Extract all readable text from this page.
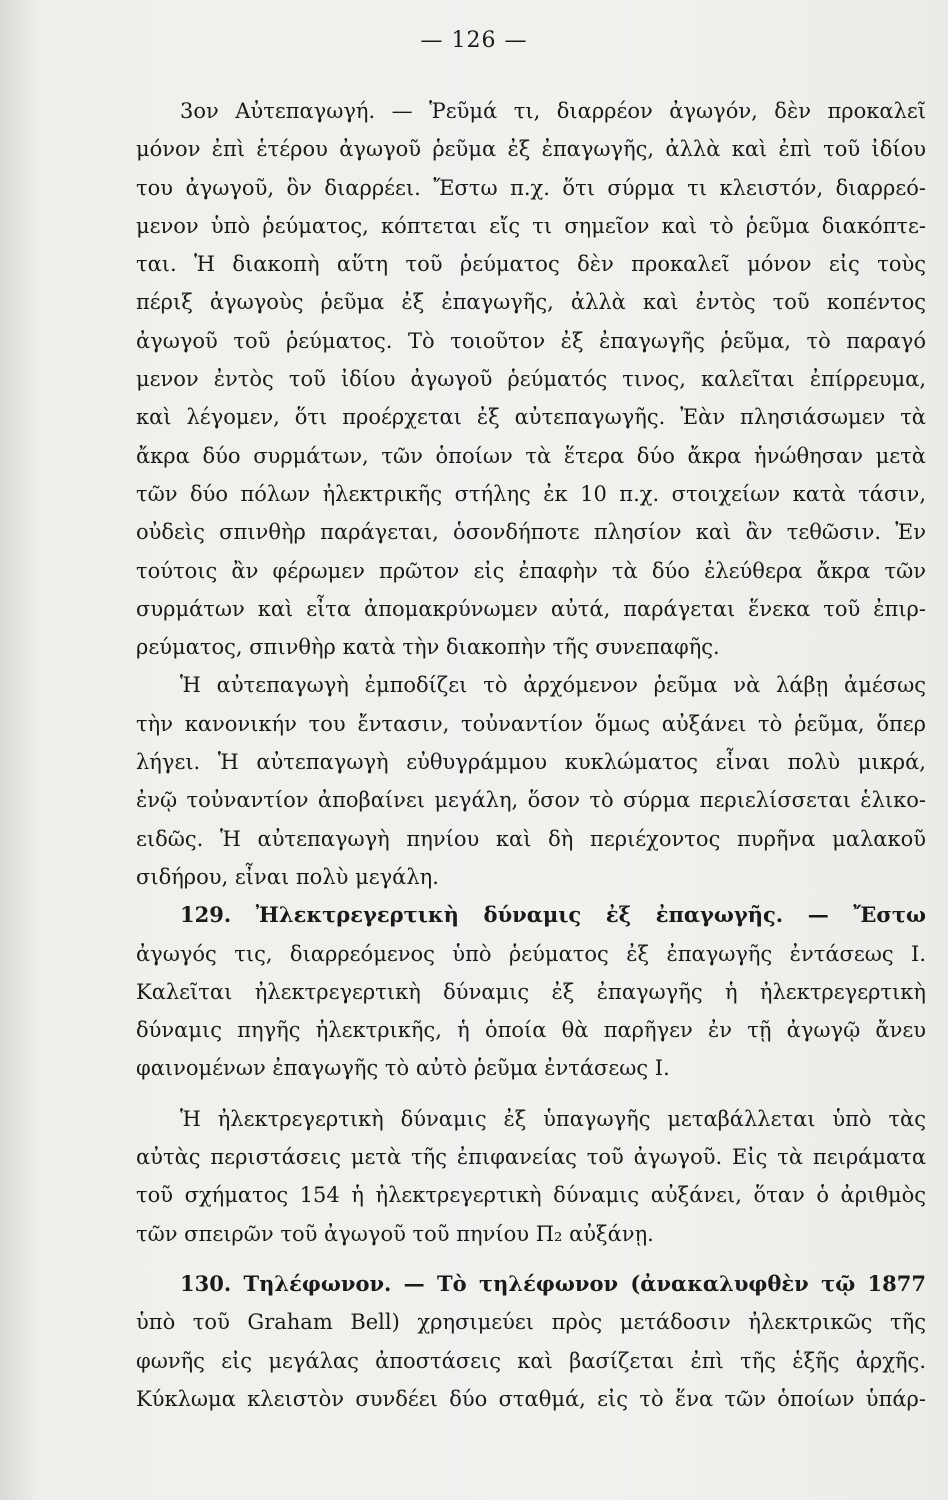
— 126 —
3ον Αὐτεπαγωγή. — Ῥεῦμά τι, διαρρέον ἀγωγόν, δὲν προκαλεῖ
μόνον ἐπὶ ἑτέρου ἀγωγοῦ ῥεῦμα ἐξ ἐπαγωγῆς, ἀλλὰ καὶ ἐπὶ τοῦ ἰδίου
του ἀγωγοῦ, ὃν διαρρέει. Ἔστω π.χ. ὅτι σύρμα τι κλειστόν, διαρρεό-
μενον ὑπὸ ῥεύματος, κόπτεται εἴς τι σημεῖον καὶ τὸ ῥεῦμα διακόπτε-
ται. Ἡ διακοπὴ αὕτη τοῦ ῥεύματος δὲν προκαλεῖ μόνον εἰς τοὺς
πέριξ ἀγωγοὺς ῥεῦμα ἐξ ἐπαγωγῆς, ἀλλὰ καὶ ἐντὸς τοῦ κοπέντος
ἀγωγοῦ τοῦ ῥεύματος. Τὸ τοιοῦτον ἐξ ἐπαγωγῆς ῥεῦμα, τὸ παραγό
μενον ἐντὸς τοῦ ἰδίου ἀγωγοῦ ῥεύματός τινος, καλεῖται ἐπίρρευμα,
καὶ λέγομεν, ὅτι προέρχεται ἐξ αὐτεπαγωγῆς. Ἐὰν πλησιάσωμεν τὰ
ἄκρα δύο συρμάτων, τῶν ὁποίων τὰ ἕτερα δύο ἄκρα ἡνώθησαν μετὰ
τῶν δύο πόλων ἠλεκτρικῆς στήλης ἐκ 10 π.χ. στοιχείων κατὰ τάσιν,
οὐδεὶς σπινθὴρ παράγεται, ὁσονδήποτε πλησίον καὶ ἂν τεθῶσιν. Ἐν
τούτοις ἂν φέρωμεν πρῶτον εἰς ἐπαφὴν τὰ δύο ἐλεύθερα ἄκρα τῶν
συρμάτων καὶ εἶτα ἀπομακρύνωμεν αὐτά, παράγεται ἕνεκα τοῦ ἐπιρ-
ρεύματος, σπινθὴρ κατὰ τὴν διακοπὴν τῆς συνεπαφῆς.
Ἡ αὐτεπαγωγὴ ἐμποδίζει τὸ ἀρχόμενον ῥεῦμα νὰ λάβῃ ἀμέσως
τὴν κανονικήν του ἔντασιν, τοὐναντίον ὅμως αὐξάνει τὸ ῥεῦμα, ὅπερ
λήγει. Ἡ αὐτεπαγωγὴ εὐθυγράμμου κυκλώματος εἶναι πολὺ μικρά,
ἐνῷ τοὐναντίον ἀποβαίνει μεγάλη, ὅσον τὸ σύρμα περιελίσσεται ἑλικο-
ειδῶς. Ἡ αὐτεπαγωγὴ πηνίου καὶ δὴ περιέχοντος πυρῆνα μαλακοῦ
σιδήρου, εἶναι πολὺ μεγάλη.
129. Ἠλεκτρεγερτικὴ δύναμις ἐξ ἐπαγωγῆς. — Ἔστω
ἀγωγός τις, διαρρεόμενος ὑπὸ ῥεύματος ἐξ ἐπαγωγῆς ἐντάσεως Ι.
Καλεῖται ἠλεκτρεγερτικὴ δύναμις ἐξ ἐπαγωγῆς ἡ ἠλεκτρεγερτικὴ
δύναμις πηγῆς ἠλεκτρικῆς, ἡ ὁποία θὰ παρῆγεν ἐν τῇ ἀγωγῷ ἄνευ
φαινομένων ἐπαγωγῆς τὸ αὐτὸ ῥεῦμα ἐντάσεως Ι.
Ἡ ἠλεκτρεγερτικὴ δύναμις ἐξ ὑπαγωγῆς μεταβάλλεται ὑπὸ τὰς
αὐτὰς περιστάσεις μετὰ τῆς ἐπιφανείας τοῦ ἀγωγοῦ. Εἰς τὰ πειράματα
τοῦ σχήματος 154 ἡ ἠλεκτρεγερτικὴ δύναμις αὐξάνει, ὅταν ὁ ἀριθμὸς
τῶν σπειρῶν τοῦ ἀγωγοῦ τοῦ πηνίου Π₂ αὐξάνῃ.
130. Τηλέφωνον. — Τὸ τηλέφωνον (ἀνακαλυφθὲν τῷ 1877
ὑπὸ τοῦ Graham Bell) χρησιμεύει πρὸς μετάδοσιν ἠλεκτρικῶς τῆς
φωνῆς εἰς μεγάλας ἀποστάσεις καὶ βασίζεται ἐπὶ τῆς ἑξῆς ἀρχῆς.
Κύκλωμα κλειστὸν συνδέει δύο σταθμά, εἰς τὸ ἕνα τῶν ὁποίων ὑπάρ-
